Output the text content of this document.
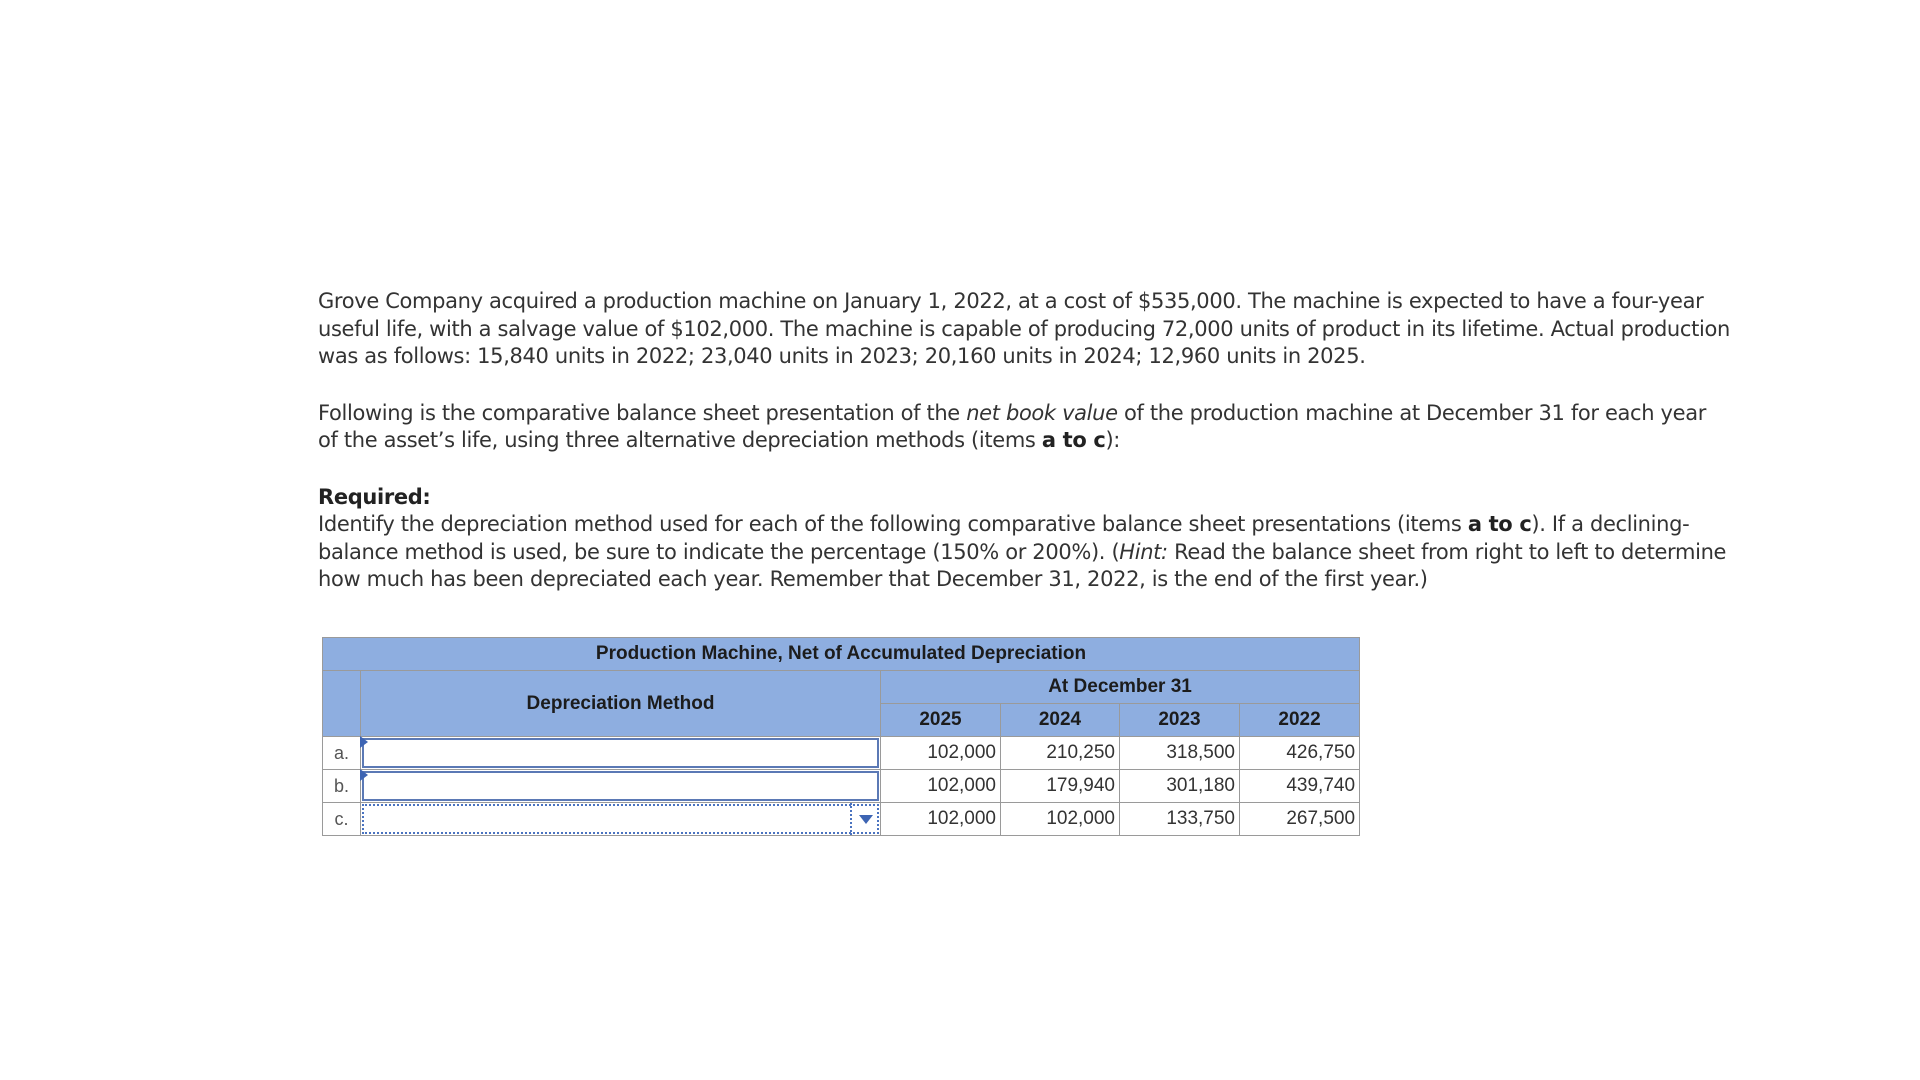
Grove Company acquired a production machine on January 1, 2022, at a cost of $535,000. The machine is expected to have a four-year useful life, with a salvage value of $102,000. The machine is capable of producing 72,000 units of product in its lifetime. Actual production was as follows: 15,840 units in 2022; 23,040 units in 2023; 20,160 units in 2024; 12,960 units in 2025.

Following is the comparative balance sheet presentation of the net book value of the production machine at December 31 for each year of the asset’s life, using three alternative depreciation methods (items a to c):

Required:
Identify the depreciation method used for each of the following comparative balance sheet presentations (items a to c). If a declining-balance method is used, be sure to indicate the percentage (150% or 200%). (Hint: Read the balance sheet from right to left to determine how much has been depreciated each year. Remember that December 31, 2022, is the end of the first year.)

Production Machine, Net of Accumulated Depreciation					
	Depreciation Method	At December 31			
		2025	2024	2023	2022
a.		102,000	210,250	318,500	426,750
b.		102,000	179,940	301,180	439,740
c.		102,000	102,000	133,750	267,500
